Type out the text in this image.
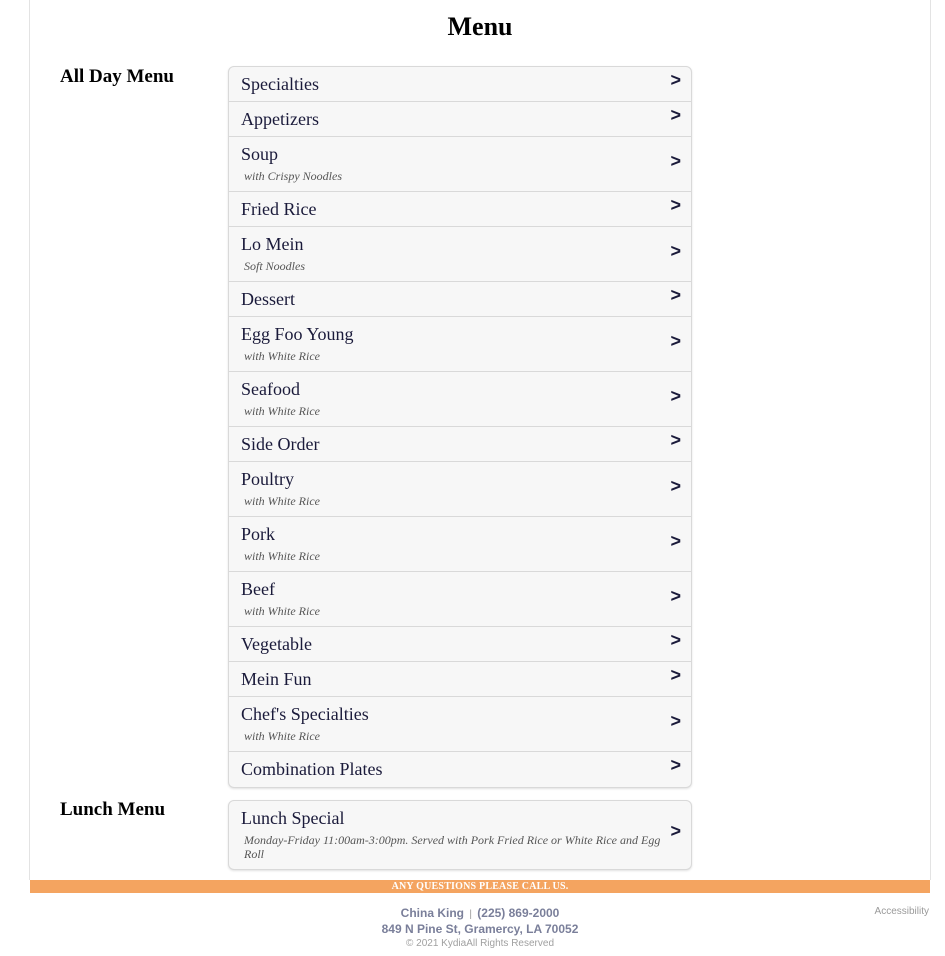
Menu
All Day Menu	Specialties	>
Appetizers	>
Soup
with Crispy Noodles
>
Fried Rice	>
Lo Mein
Soft Noodles
>
Dessert	>
Egg Foo Young
with White Rice
>
Seafood
with White Rice
>
Side Order	>
Poultry
with White Rice
>
Pork
with White Rice
>
Beef
with White Rice
>
Vegetable	>
Mein Fun	>
Chef's Specialties
with White Rice
>
Combination Plates	>
Lunch Menu	Lunch Special
Monday-Friday 11:00am-3:00pm. Served with Pork Fried Rice or White Rice and Egg Roll
>
ANY QUESTIONS PLEASE CALL US.
China King | (225) 869-2000
849 N Pine St, Gramercy, LA 70052
© 2021 KydiaAll Rights Reserved
Accessibility
